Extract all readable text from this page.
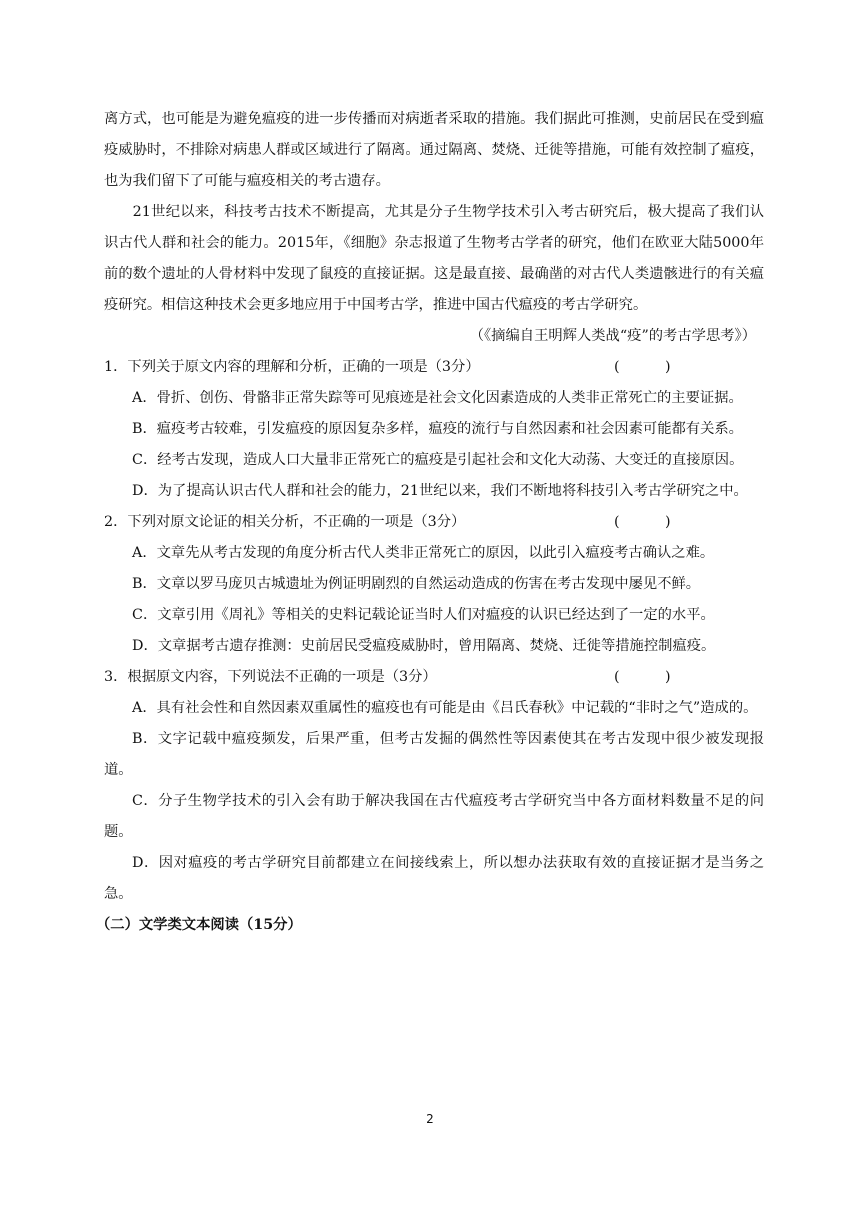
离方式，也可能是为避免瘟疫的进一步传播而对病逝者采取的措施。我们据此可推测，史前居民在受到瘟疫威胁时，不排除对病患人群或区域进行了隔离。通过隔离、焚烧、迁徙等措施，可能有效控制了瘟疫，也为我们留下了可能与瘟疫相关的考古遗存。

21世纪以来，科技考古技术不断提高，尤其是分子生物学技术引入考古研究后，极大提高了我们认识古代人群和社会的能力。2015年，《细胞》杂志报道了生物考古学者的研究，他们在欧亚大陆5000年前的数个遗址的人骨材料中发现了鼠疫的直接证据。这是最直接、最确凿的对古代人类遗骸进行的有关瘟疫研究。相信这种技术会更多地应用于中国考古学，推进中国古代瘟疫的考古学研究。

（《摘编自王明辉人类战“疫”的考古学思考》）

1．下列关于原文内容的理解和分析，正确的一项是（3分）	(          )

A．骨折、创伤、骨骼非正常失踪等可见痕迹是社会文化因素造成的人类非正常死亡的主要证据。

B．瘟疫考古较难，引发瘟疫的原因复杂多样，瘟疫的流行与自然因素和社会因素可能都有关系。

C．经考古发现，造成人口大量非正常死亡的瘟疫是引起社会和文化大动荡、大变迁的直接原因。

D．为了提高认识古代人群和社会的能力，21世纪以来，我们不断地将科技引入考古学研究之中。

2．下列对原文论证的相关分析，不正确的一项是（3分）	(          )

A．文章先从考古发现的角度分析古代人类非正常死亡的原因，以此引入瘟疫考古确认之难。

B．文章以罗马庞贝古城遗址为例证明剧烈的自然运动造成的伤害在考古发现中屡见不鲜。

C．文章引用《周礼》等相关的史料记载论证当时人们对瘟疫的认识已经达到了一定的水平。

D．文章据考古遗存推测：史前居民受瘟疫威胁时，曾用隔离、焚烧、迁徙等措施控制瘟疫。

3．根据原文内容，下列说法不正确的一项是（3分）	(          )

A．具有社会性和自然因素双重属性的瘟疫也有可能是由《吕氏春秋》中记载的“非时之气”造成的。

B．文字记载中瘟疫频发，后果严重，但考古发掘的偶然性等因素使其在考古发现中很少被发现报道。

C．分子生物学技术的引入会有助于解决我国在古代瘟疫考古学研究当中各方面材料数量不足的问题。

D．因对瘟疫的考古学研究目前都建立在间接线索上，所以想办法获取有效的直接证据才是当务之急。

（二）文学类文本阅读（15分）

2
